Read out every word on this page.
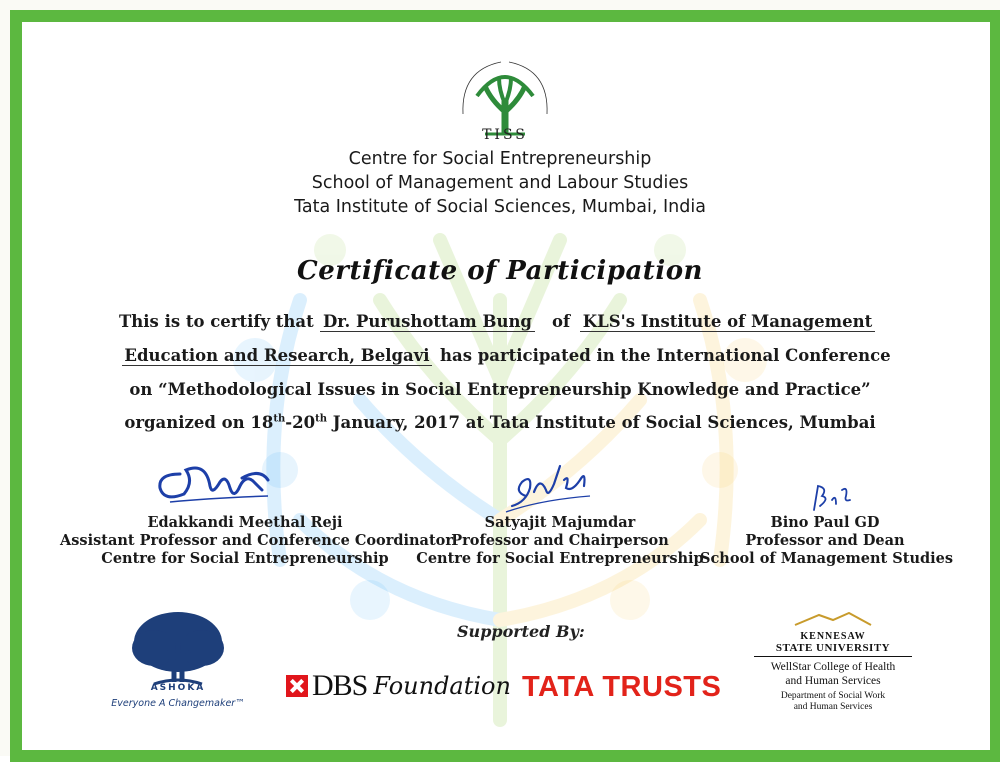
TISS
Centre for Social Entrepreneurship
School of Management and Labour Studies
Tata Institute of Social Sciences, Mumbai, India
Certificate of Participation
This is to certify that Dr. Purushottam Bung of KLS's Institute of Management
Education and Research, Belgavi has participated in the International Conference
on “Methodological Issues in Social Entrepreneurship Knowledge and Practice”
organized on 18th-20th January, 2017 at Tata Institute of Social Sciences, Mumbai
Edakkandi Meethal Reji
Assistant Professor and Conference Coordinator
Centre for Social Entrepreneurship
Satyajit Majumdar
Professor and Chairperson
Centre for Social Entrepreneurship
Bino Paul GD
Professor and Dean
School of Management Studies
Supported By:
ASHOKA
Everyone A Changemaker™
DBS Foundation TATA TRUSTS
KENNESAW
STATE UNIVERSITY
WellStar College of Health
and Human Services
Department of Social Work
and Human Services
